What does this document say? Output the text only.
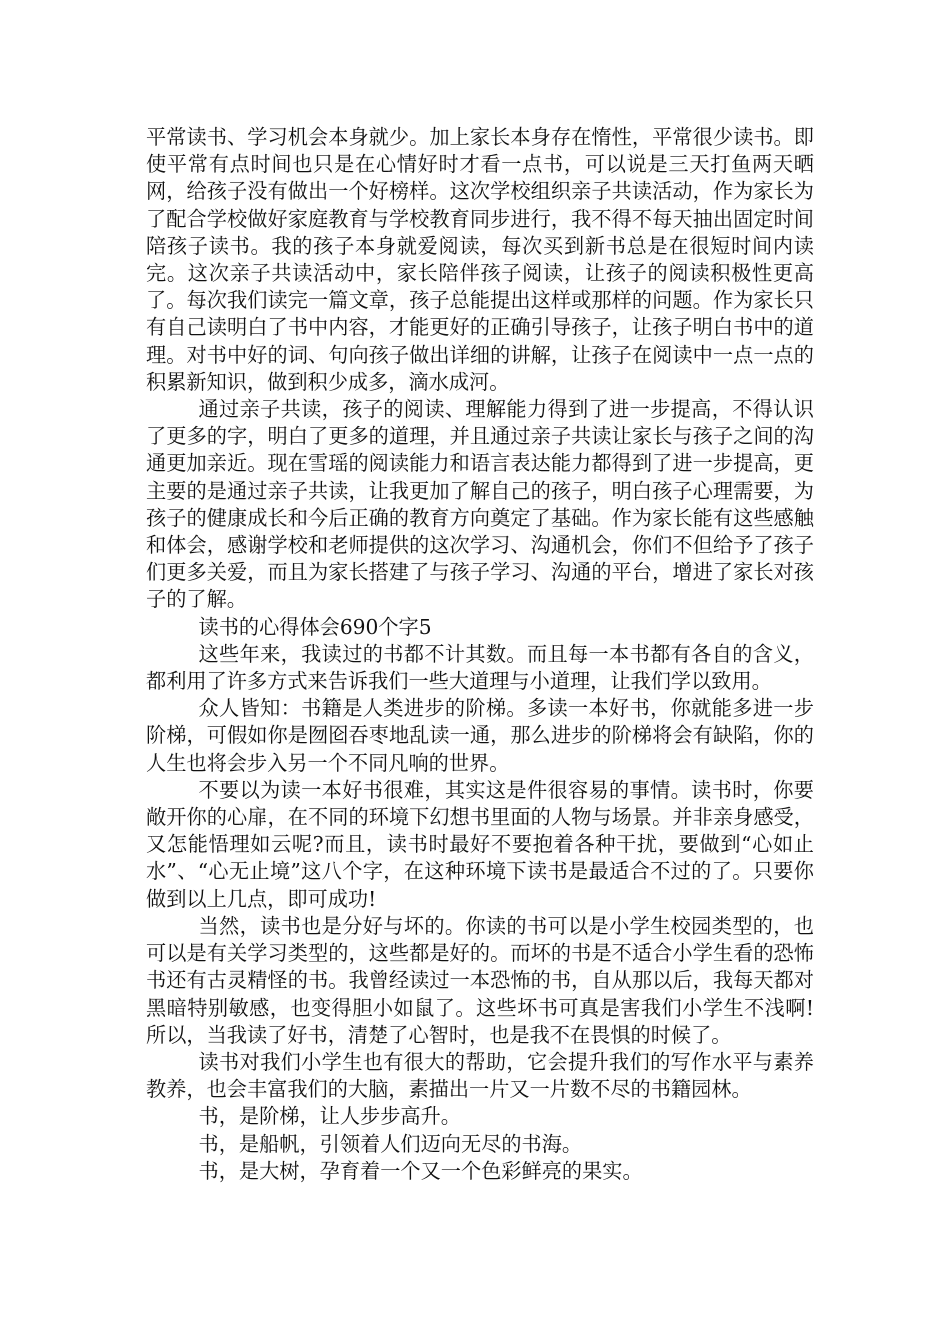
平常读书、学习机会本身就少。加上家长本身存在惰性，平常很少读书。即使平常有点时间也只是在心情好时才看一点书，可以说是三天打鱼两天晒网，给孩子没有做出一个好榜样。这次学校组织亲子共读活动，作为家长为了配合学校做好家庭教育与学校教育同步进行，我不得不每天抽出固定时间陪孩子读书。我的孩子本身就爱阅读，每次买到新书总是在很短时间内读完。这次亲子共读活动中，家长陪伴孩子阅读，让孩子的阅读积极性更高了。每次我们读完一篇文章，孩子总能提出这样或那样的问题。作为家长只有自己读明白了书中内容，才能更好的正确引导孩子，让孩子明白书中的道理。对书中好的词、句向孩子做出详细的讲解，让孩子在阅读中一点一点的积累新知识，做到积少成多，滴水成河。

通过亲子共读，孩子的阅读、理解能力得到了进一步提高，不得认识了更多的字，明白了更多的道理，并且通过亲子共读让家长与孩子之间的沟通更加亲近。现在雪瑶的阅读能力和语言表达能力都得到了进一步提高，更主要的是通过亲子共读，让我更加了解自己的孩子，明白孩子心理需要，为孩子的健康成长和今后正确的教育方向奠定了基础。作为家长能有这些感触和体会，感谢学校和老师提供的这次学习、沟通机会，你们不但给予了孩子们更多关爱，而且为家长搭建了与孩子学习、沟通的平台，增进了家长对孩子的了解。

读书的心得体会690个字5

这些年来，我读过的书都不计其数。而且每一本书都有各自的含义，都利用了许多方式来告诉我们一些大道理与小道理，让我们学以致用。

众人皆知：书籍是人类进步的阶梯。多读一本好书，你就能多进一步阶梯，可假如你是囫囵吞枣地乱读一通，那么进步的阶梯将会有缺陷，你的人生也将会步入另一个不同凡响的世界。

不要以为读一本好书很难，其实这是件很容易的事情。读书时，你要敞开你的心扉，在不同的环境下幻想书里面的人物与场景。并非亲身感受，又怎能悟理如云呢?而且，读书时最好不要抱着各种干扰，要做到“心如止水”、“心无止境”这八个字，在这种环境下读书是最适合不过的了。只要你做到以上几点，即可成功!

当然，读书也是分好与坏的。你读的书可以是小学生校园类型的，也可以是有关学习类型的，这些都是好的。而坏的书是不适合小学生看的恐怖书还有古灵精怪的书。我曾经读过一本恐怖的书，自从那以后，我每天都对黑暗特别敏感，也变得胆小如鼠了。这些坏书可真是害我们小学生不浅啊!所以，当我读了好书，清楚了心智时，也是我不在畏惧的时候了。

读书对我们小学生也有很大的帮助，它会提升我们的写作水平与素养教养，也会丰富我们的大脑，素描出一片又一片数不尽的书籍园林。

书，是阶梯，让人步步高升。

书，是船帆，引领着人们迈向无尽的书海。

书，是大树，孕育着一个又一个色彩鲜亮的果实。
